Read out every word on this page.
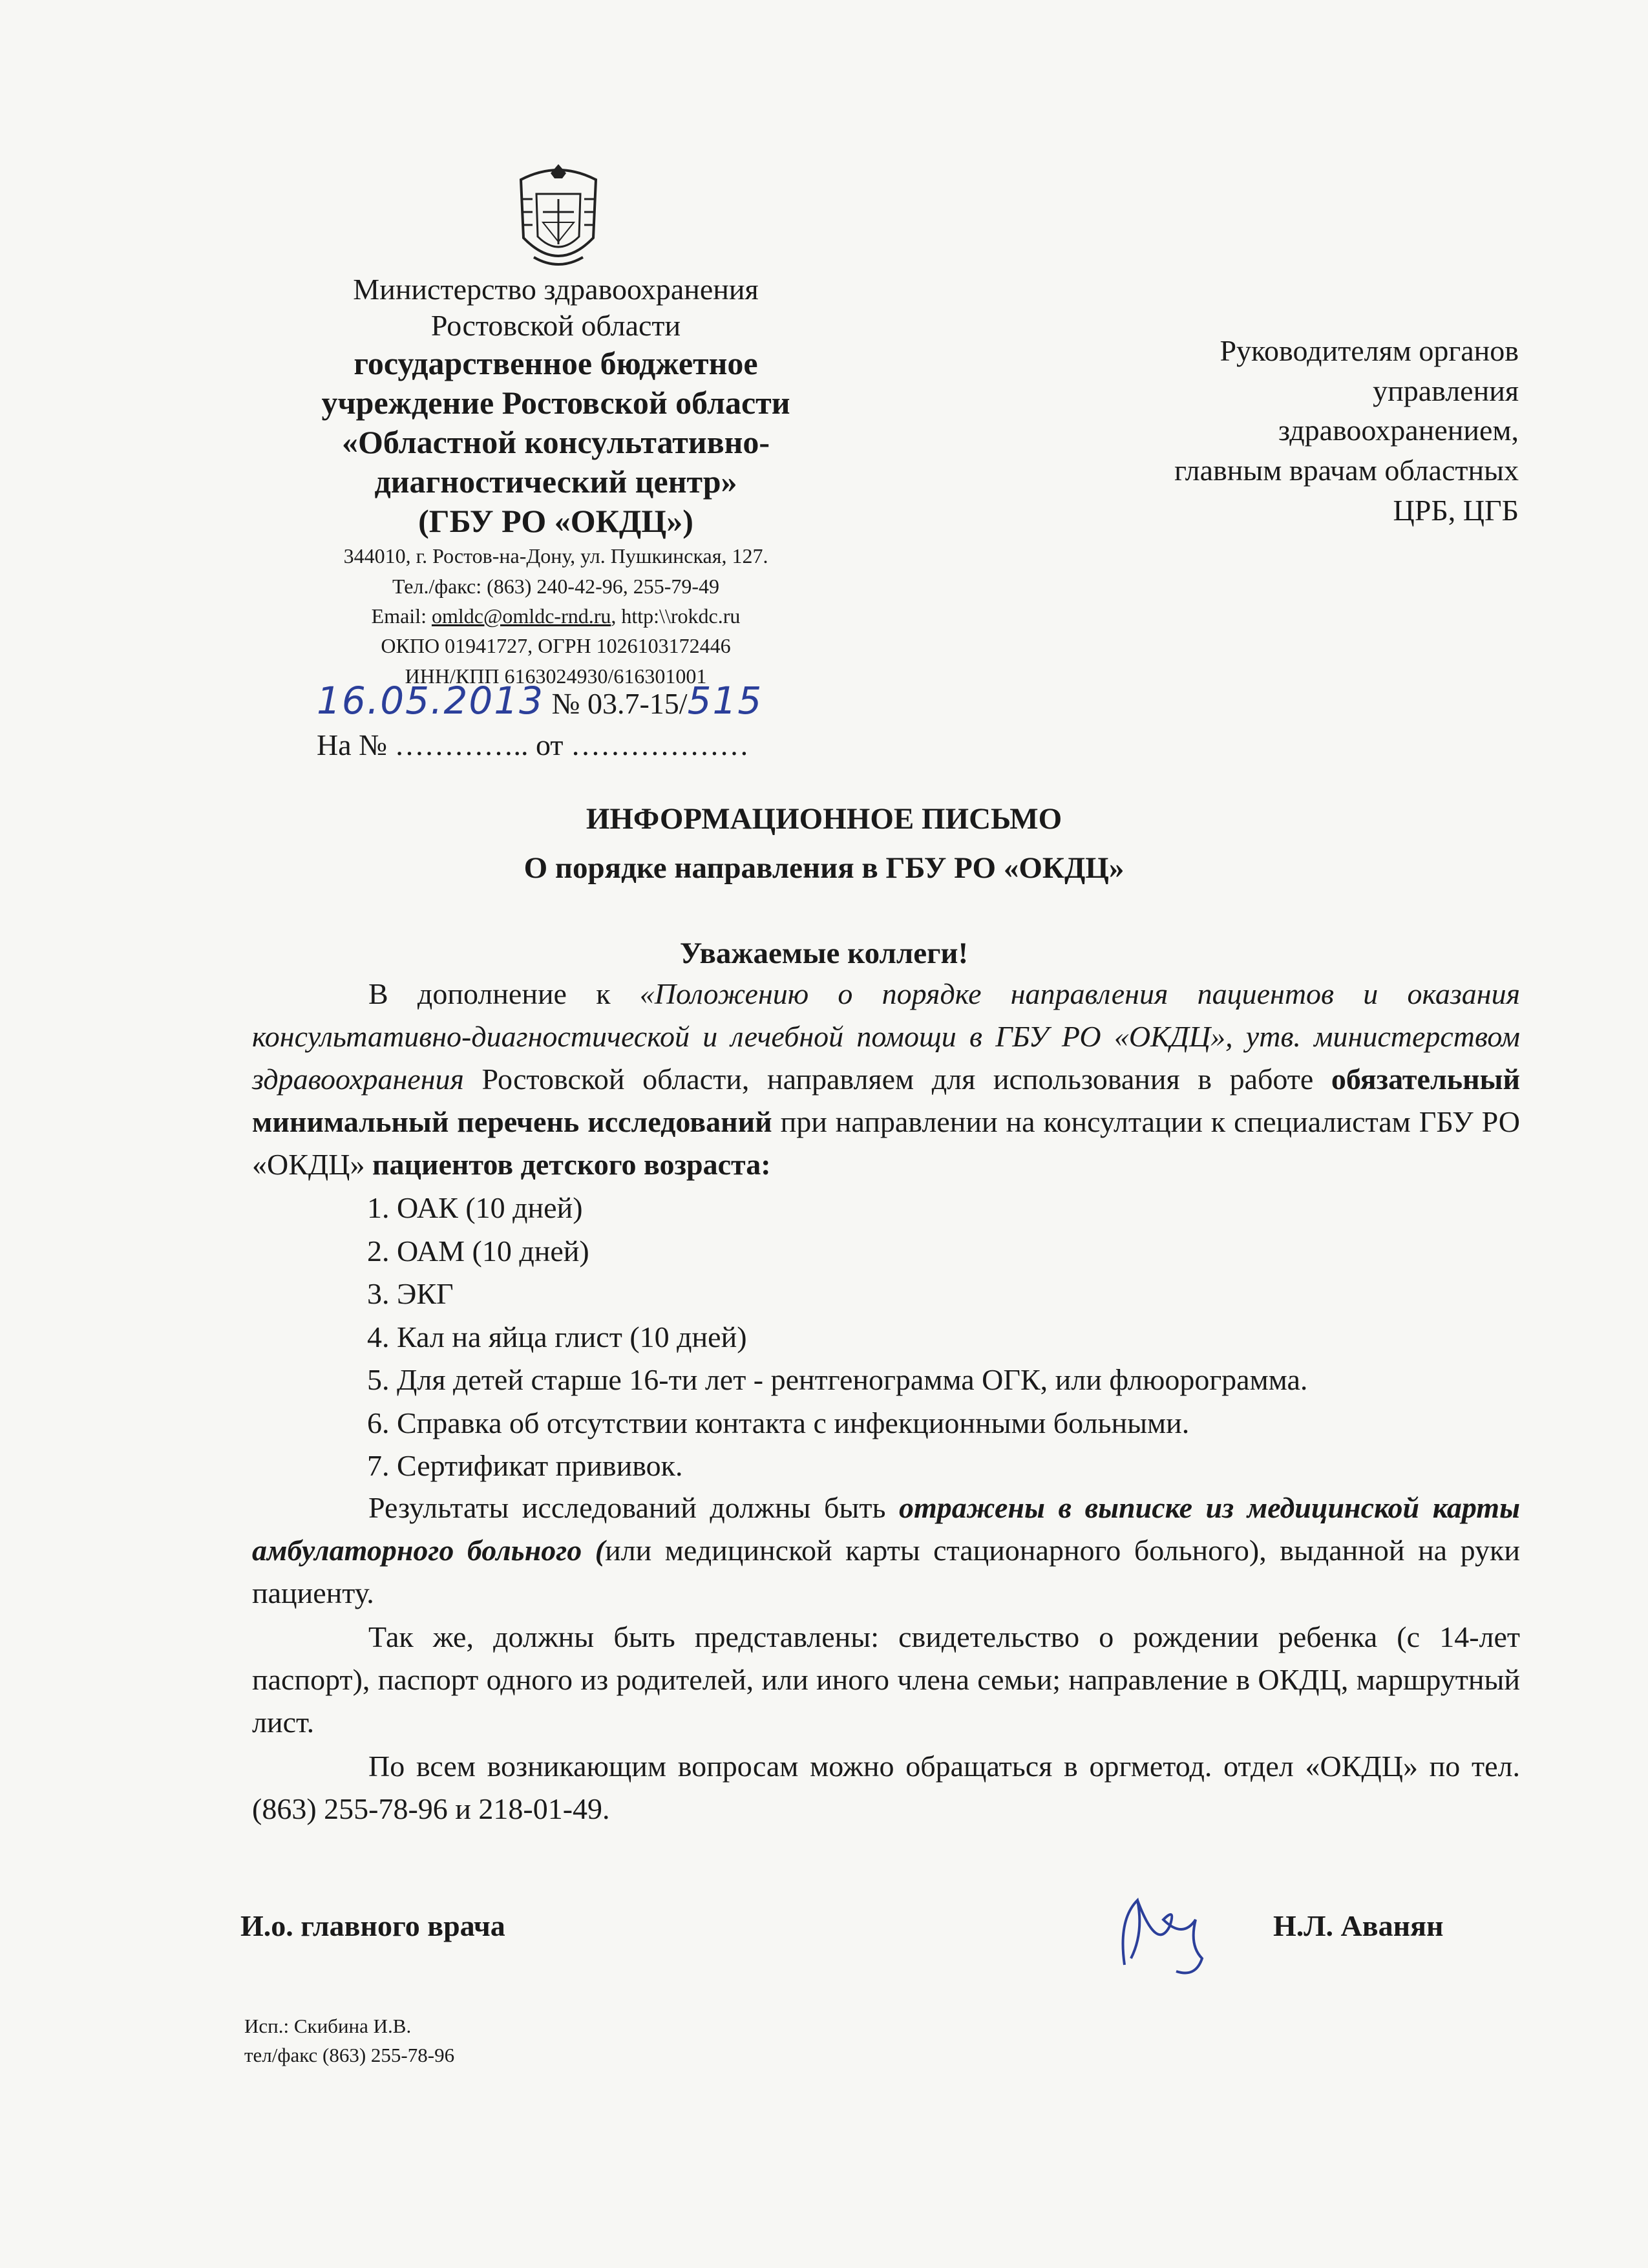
Министерство здравоохранения
Ростовской области
государственное бюджетное
учреждение Ростовской области
«Областной консультативно-
диагностический центр»
(ГБУ РО «ОКДЦ»)
344010, г. Ростов-на-Дону, ул. Пушкинская, 127.
Тел./факс: (863) 240-42-96, 255-79-49
Email: omldc@omldc-rnd.ru, http:\\rokdc.ru
ОКПО 01941727, ОГРН 1026103172446
ИНН/КПП 6163024930/616301001
16.05.2013 № 03.7-15/515
На № ………….. от ………………
Руководителям органов
управления
здравоохранением,
главным врачам областных
ЦРБ, ЦГБ
ИНФОРМАЦИОННОЕ ПИСЬМО
О порядке направления в ГБУ РО «ОКДЦ»
Уважаемые коллеги!
В дополнение к «Положению о порядке направления пациентов и оказания консультативно-диагностической и лечебной помощи в ГБУ РО «ОКДЦ», утв. министерством здравоохранения Ростовской области, направляем для использования в работе обязательный минимальный перечень исследований при направлении на консултации к специалистам ГБУ РО «ОКДЦ» пациентов детского возраста:
1. ОАК (10 дней)
2. ОАМ (10 дней)
3. ЭКГ
4. Кал на яйца глист (10 дней)
5. Для детей старше 16-ти лет - рентгенограмма ОГК, или флюорограмма.
6. Справка об отсутствии контакта с инфекционными больными.
7. Сертификат прививок.
Результаты исследований должны быть отражены в выписке из медицинской карты амбулаторного больного (или медицинской карты стационарного больного), выданной на руки пациенту.
Так же, должны быть представлены: свидетельство о рождении ребенка (с 14-лет паспорт), паспорт одного из родителей, или иного члена семьи; направление в ОКДЦ, маршрутный лист.
По всем возникающим вопросам можно обращаться в оргметод. отдел «ОКДЦ» по тел. (863) 255-78-96 и 218-01-49.
И.о. главного врача	Н.Л. Аванян
Исп.: Скибина И.В.
тел/факс (863) 255-78-96
